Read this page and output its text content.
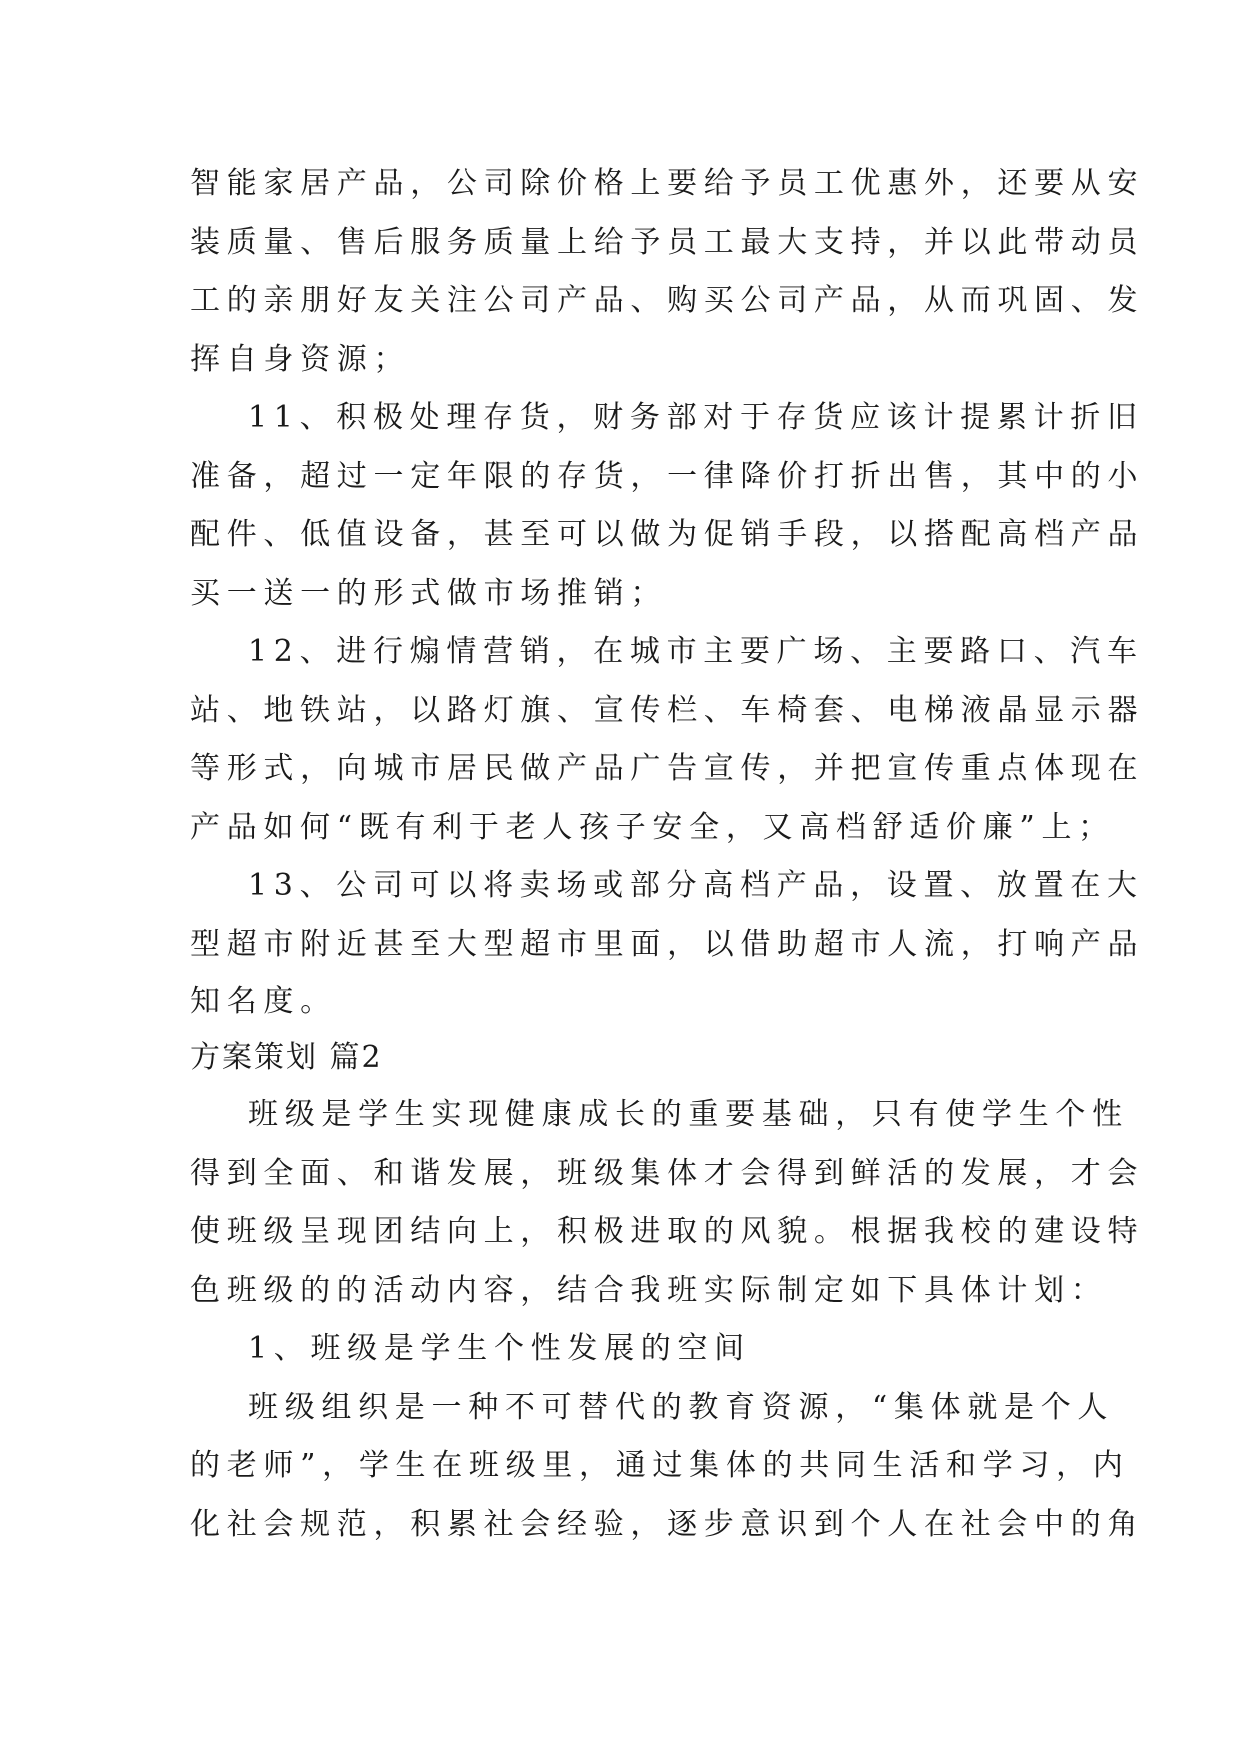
智能家居产品，公司除价格上要给予员工优惠外，还要从安
装质量、售后服务质量上给予员工最大支持，并以此带动员
工的亲朋好友关注公司产品、购买公司产品，从而巩固、发
挥自身资源；
11、积极处理存货，财务部对于存货应该计提累计折旧
准备，超过一定年限的存货，一律降价打折出售，其中的小
配件、低值设备，甚至可以做为促销手段，以搭配高档产品
买一送一的形式做市场推销；
12、进行煽情营销，在城市主要广场、主要路口、汽车
站、地铁站，以路灯旗、宣传栏、车椅套、电梯液晶显示器
等形式，向城市居民做产品广告宣传，并把宣传重点体现在
产品如何“既有利于老人孩子安全，又高档舒适价廉”上；
13、公司可以将卖场或部分高档产品，设置、放置在大
型超市附近甚至大型超市里面，以借助超市人流，打响产品
知名度。
方案策划 篇2
班级是学生实现健康成长的重要基础，只有使学生个性
得到全面、和谐发展，班级集体才会得到鲜活的发展，才会
使班级呈现团结向上，积极进取的风貌。根据我校的建设特
色班级的的活动内容，结合我班实际制定如下具体计划：
1、班级是学生个性发展的空间
班级组织是一种不可替代的教育资源，“集体就是个人
的老师”，学生在班级里，通过集体的共同生活和学习，内
化社会规范，积累社会经验，逐步意识到个人在社会中的角
